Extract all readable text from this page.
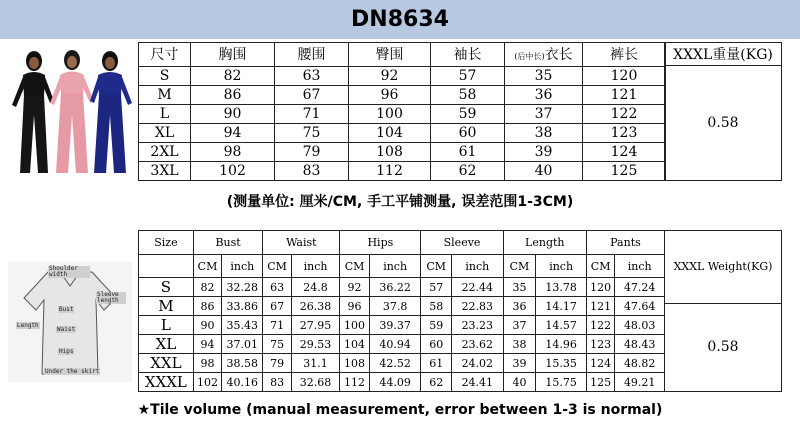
DN8634
尺寸	胸围	腰围	臀围	袖长	(后中长)衣长	裤长
S	82	63	92	57	35	120
M	86	67	96	58	36	121
L	90	71	100	59	37	122
XL	94	75	104	60	38	123
2XL	98	79	108	61	39	124
3XL	102	83	112	62	40	125
XXXL重量(KG)
0.58
(测量单位: 厘米/CM, 手工平铺测量, 误差范围1-3CM)
Shoulder width
Sleeve length
Length
Bust
Waist
Hips
Under the skirt
Size	Bust		Waist		Hips		Sleeve		Length		Pants	
	CM	inch	CM	inch	CM	inch	CM	inch	CM	inch	CM	inch
S	82	32.28	63	24.8	92	36.22	57	22.44	35	13.78	120	47.24
M	86	33.86	67	26.38	96	37.8	58	22.83	36	14.17	121	47.64
L	90	35.43	71	27.95	100	39.37	59	23.23	37	14.57	122	48.03
XL	94	37.01	75	29.53	104	40.94	60	23.62	38	14.96	123	48.43
XXL	98	38.58	79	31.1	108	42.52	61	24.02	39	15.35	124	48.82
XXXL	102	40.16	83	32.68	112	44.09	62	24.41	40	15.75	125	49.21
XXXL Weight(KG)
0.58
★Tile volume (manual measurement, error between 1-3 is normal)
